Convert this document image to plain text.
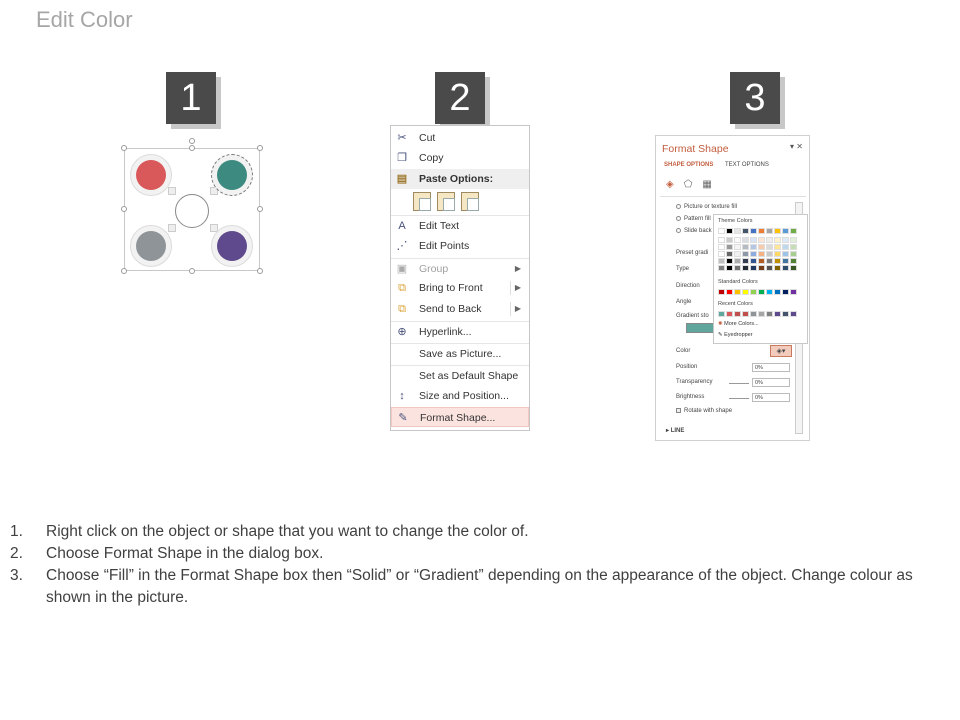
Edit Color
1	2	3
✂ Cut
❐ Copy
▤ Paste Options:
A	Edit Text
⋰ Edit Points
▣ Group	▶
⧉ Bring to Front	▶
⧉ Send to Back	▶
⊕ Hyperlink...
Save as Picture...
Set as Default Shape
↕	Size and Position...
✎ Format Shape...
Format Shape	▾ ✕
SHAPE OPTIONS TEXT OPTIONS
◈ ⬠ ▦
Picture or texture fill
Pattern fill
Slide back
Preset gradi
Type
Direction
Angle
Gradient sto
Color	◈▾
Position	0%
Transparency	0%
Brightness	0%
Rotate with shape
▸ LINE
Theme Colors
Standard Colors
Recent Colors
✺ More Colors...
✎ Eyedropper
1. Right click on the object or shape that you want to change the color of.
2. Choose Format Shape in the dialog box.
3. Choose “Fill” in the Format Shape box then “Solid” or “Gradient” depending on the appearance of the object. Change colour as shown in the picture.
